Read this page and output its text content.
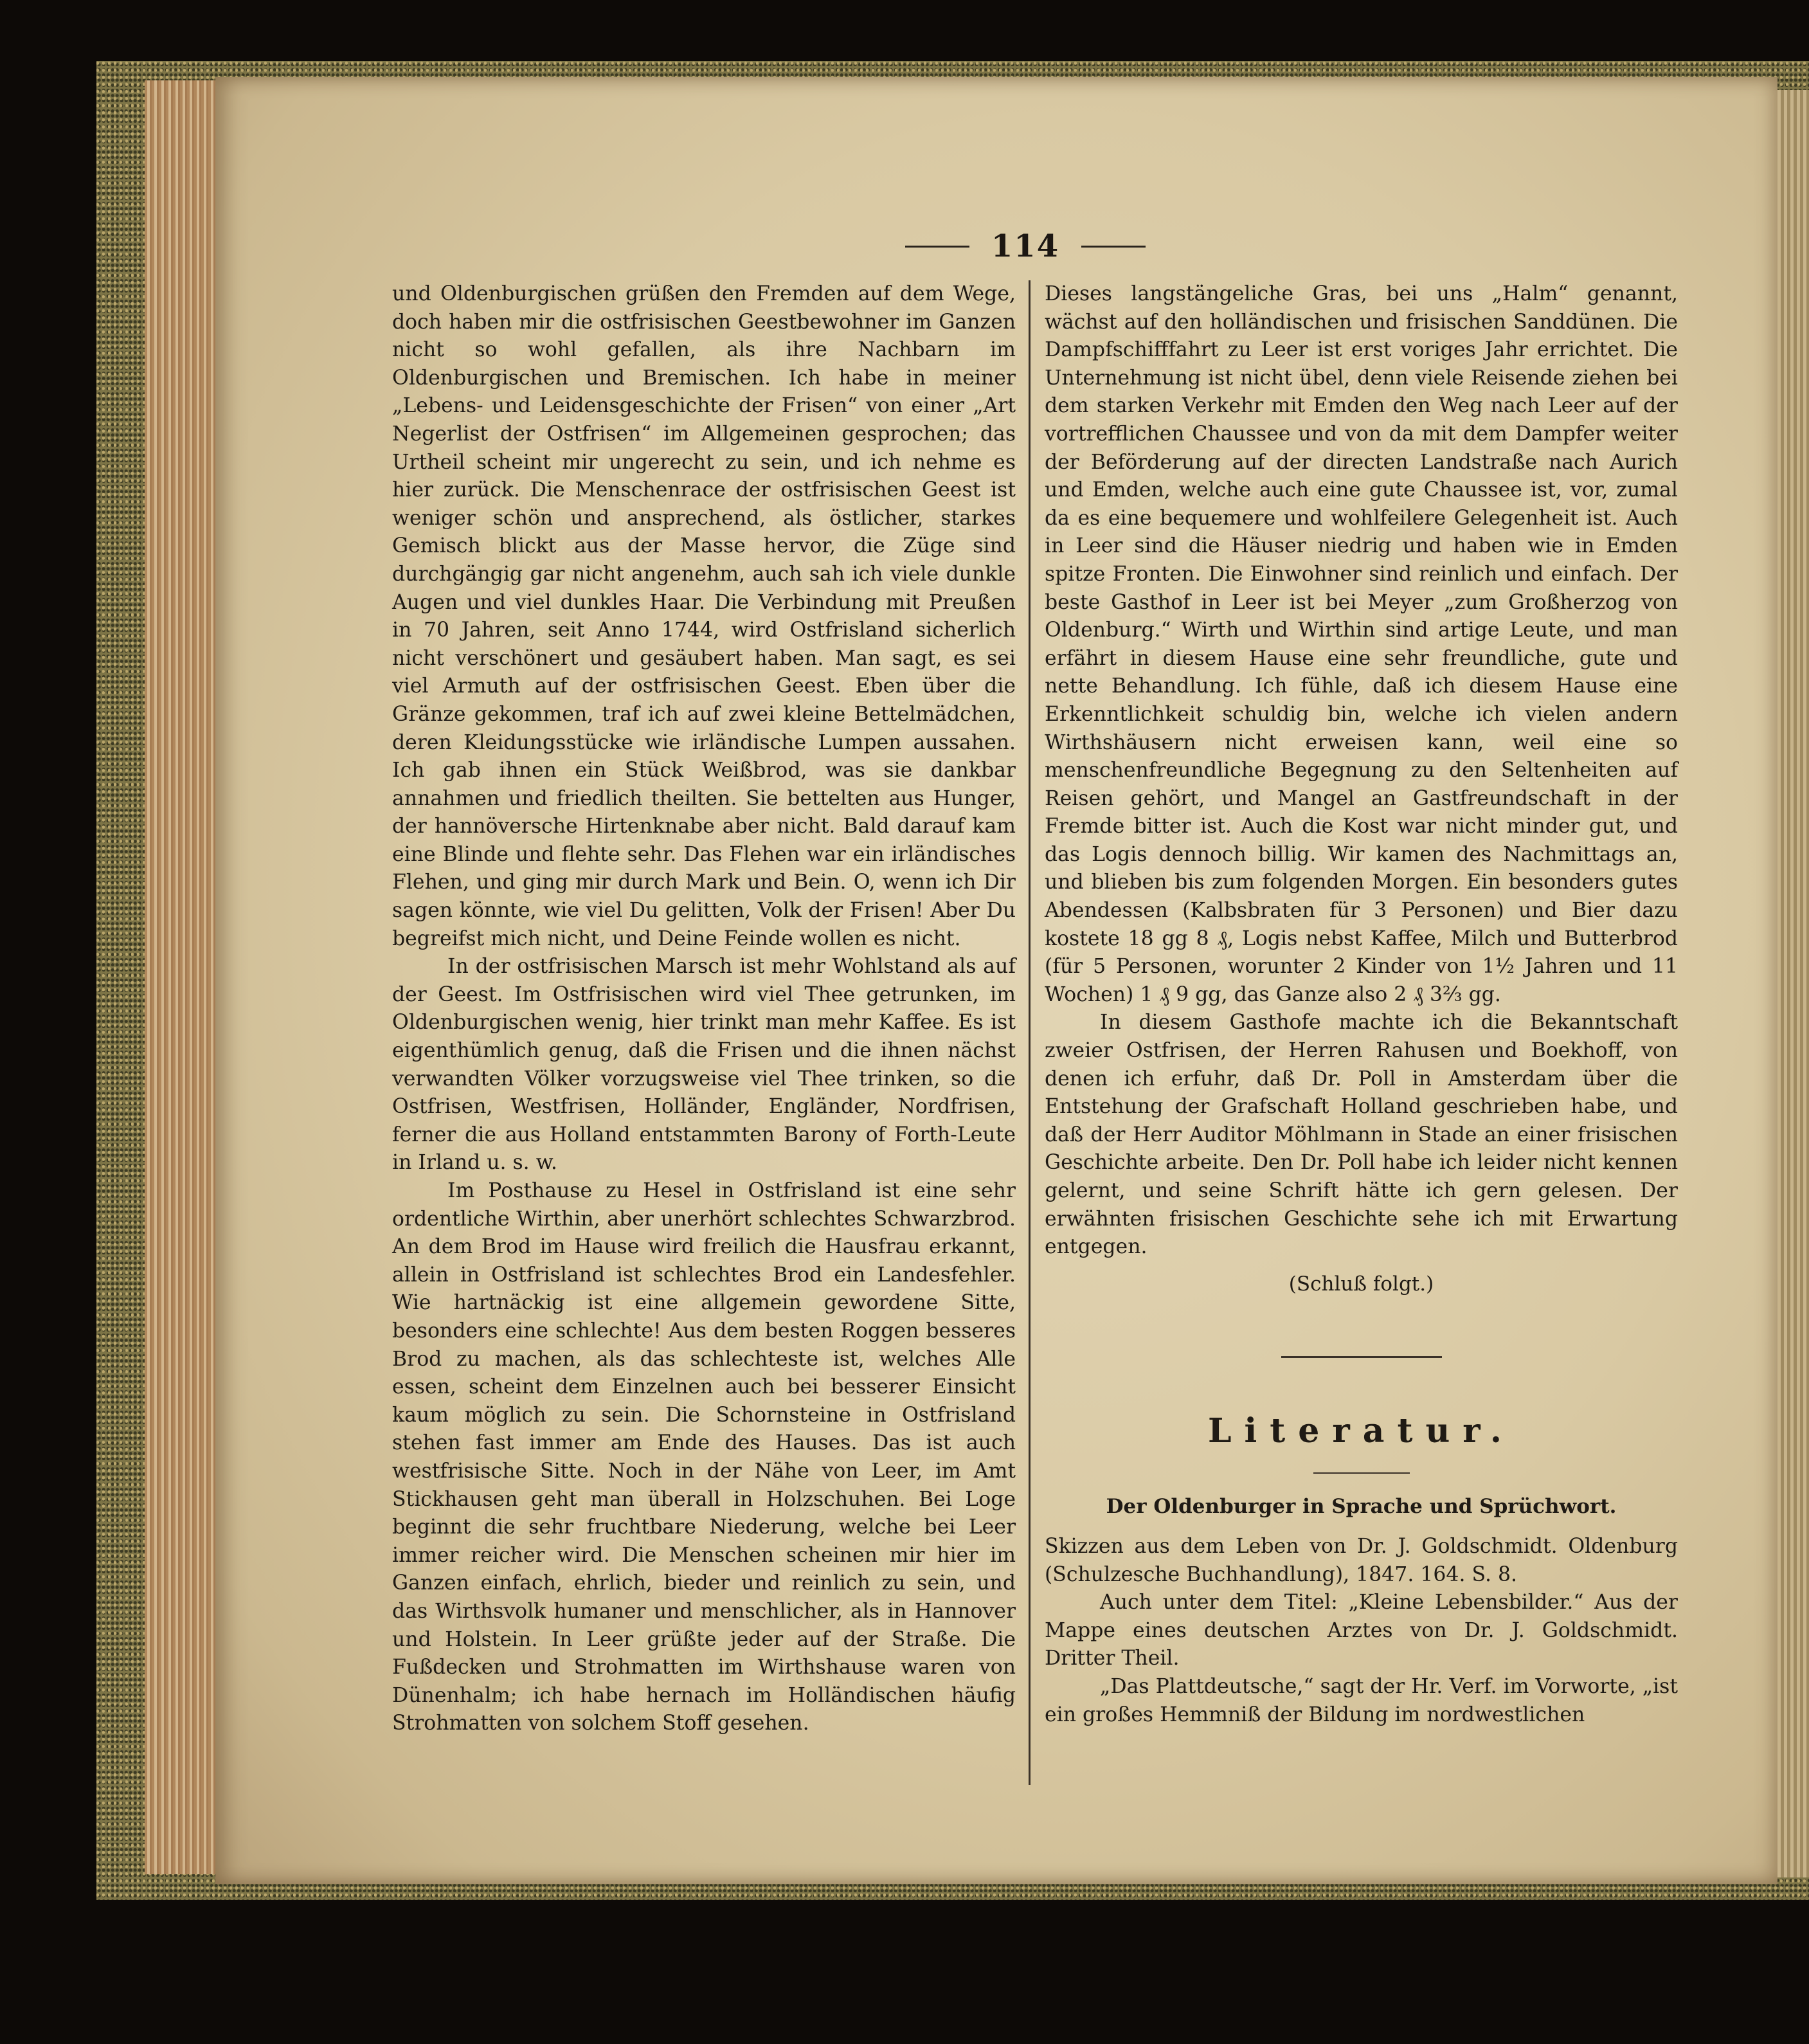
114

und Oldenburgischen grüßen den Fremden auf dem Wege, doch haben mir die ostfrisischen Geestbewohner im Ganzen nicht so wohl gefallen, als ihre Nachbarn im Oldenburgischen und Bremischen. Ich habe in meiner „Lebens- und Leidensgeschichte der Frisen“ von einer „Art Negerlist der Ostfrisen“ im Allgemeinen gesprochen; das Urtheil scheint mir ungerecht zu sein, und ich nehme es hier zurück. Die Menschenrace der ostfrisischen Geest ist weniger schön und ansprechend, als östlicher, starkes Gemisch blickt aus der Masse hervor, die Züge sind durchgängig gar nicht angenehm, auch sah ich viele dunkle Augen und viel dunkles Haar. Die Verbindung mit Preußen in 70 Jahren, seit Anno 1744, wird Ostfrisland sicherlich nicht verschönert und gesäubert haben. Man sagt, es sei viel Armuth auf der ostfrisischen Geest. Eben über die Gränze gekommen, traf ich auf zwei kleine Bettelmädchen, deren Kleidungsstücke wie irländische Lumpen aussahen. Ich gab ihnen ein Stück Weißbrod, was sie dankbar annahmen und friedlich theilten. Sie bettelten aus Hunger, der hannöversche Hirtenknabe aber nicht. Bald darauf kam eine Blinde und flehte sehr. Das Flehen war ein irländisches Flehen, und ging mir durch Mark und Bein. O, wenn ich Dir sagen könnte, wie viel Du gelitten, Volk der Frisen! Aber Du begreifst mich nicht, und Deine Feinde wollen es nicht.

In der ostfrisischen Marsch ist mehr Wohlstand als auf der Geest. Im Ostfrisischen wird viel Thee getrunken, im Oldenburgischen wenig, hier trinkt man mehr Kaffee. Es ist eigenthümlich genug, daß die Frisen und die ihnen nächst verwandten Völker vorzugsweise viel Thee trinken, so die Ostfrisen, Westfrisen, Holländer, Engländer, Nordfrisen, ferner die aus Holland entstammten Barony of Forth-Leute in Irland u. s. w.

Im Posthause zu Hesel in Ostfrisland ist eine sehr ordentliche Wirthin, aber unerhört schlechtes Schwarzbrod. An dem Brod im Hause wird freilich die Hausfrau erkannt, allein in Ostfrisland ist schlechtes Brod ein Landesfehler. Wie hartnäckig ist eine allgemein gewordene Sitte, besonders eine schlechte! Aus dem besten Roggen besseres Brod zu machen, als das schlechteste ist, welches Alle essen, scheint dem Einzelnen auch bei besserer Einsicht kaum möglich zu sein. Die Schornsteine in Ostfrisland stehen fast immer am Ende des Hauses. Das ist auch westfrisische Sitte. Noch in der Nähe von Leer, im Amt Stickhausen geht man überall in Holzschuhen. Bei Loge beginnt die sehr fruchtbare Niederung, welche bei Leer immer reicher wird. Die Menschen scheinen mir hier im Ganzen einfach, ehrlich, bieder und reinlich zu sein, und das Wirthsvolk humaner und menschlicher, als in Hannover und Holstein. In Leer grüßte jeder auf der Straße. Die Fußdecken und Strohmatten im Wirthshause waren von Dünenhalm; ich habe hernach im Holländischen häufig Strohmatten von solchem Stoff gesehen.

Dieses langstängeliche Gras, bei uns „Halm“ genannt, wächst auf den holländischen und frisischen Sanddünen. Die Dampfschifffahrt zu Leer ist erst voriges Jahr errichtet. Die Unternehmung ist nicht übel, denn viele Reisende ziehen bei dem starken Verkehr mit Emden den Weg nach Leer auf der vortrefflichen Chaussee und von da mit dem Dampfer weiter der Beförderung auf der directen Landstraße nach Aurich und Emden, welche auch eine gute Chaussee ist, vor, zumal da es eine bequemere und wohlfeilere Gelegenheit ist. Auch in Leer sind die Häuser niedrig und haben wie in Emden spitze Fronten. Die Einwohner sind reinlich und einfach. Der beste Gasthof in Leer ist bei Meyer „zum Großherzog von Oldenburg.“ Wirth und Wirthin sind artige Leute, und man erfährt in diesem Hause eine sehr freundliche, gute und nette Behandlung. Ich fühle, daß ich diesem Hause eine Erkenntlichkeit schuldig bin, welche ich vielen andern Wirthshäusern nicht erweisen kann, weil eine so menschenfreundliche Begegnung zu den Seltenheiten auf Reisen gehört, und Mangel an Gastfreundschaft in der Fremde bitter ist. Auch die Kost war nicht minder gut, und das Logis dennoch billig. Wir kamen des Nachmittags an, und blieben bis zum folgenden Morgen. Ein besonders gutes Abendessen (Kalbsbraten für 3 Personen) und Bier dazu kostete 18 gg 8 ₰, Logis nebst Kaffee, Milch und Butterbrod (für 5 Personen, worunter 2 Kinder von 1½ Jahren und 11 Wochen) 1 ₰ 9 gg, das Ganze also 2 ₰ 3⅔ gg.

In diesem Gasthofe machte ich die Bekanntschaft zweier Ostfrisen, der Herren Rahusen und Boekhoff, von denen ich erfuhr, daß Dr. Poll in Amsterdam über die Entstehung der Grafschaft Holland geschrieben habe, und daß der Herr Auditor Möhlmann in Stade an einer frisischen Geschichte arbeite. Den Dr. Poll habe ich leider nicht kennen gelernt, und seine Schrift hätte ich gern gelesen. Der erwähnten frisischen Geschichte sehe ich mit Erwartung entgegen.

(Schluß folgt.)
Literatur.
Der Oldenburger in Sprache und Sprüchwort.

Skizzen aus dem Leben von Dr. J. Goldschmidt. Oldenburg (Schulzesche Buchhandlung), 1847. 164. S. 8.

Auch unter dem Titel: „Kleine Lebensbilder.“ Aus der Mappe eines deutschen Arztes von Dr. J. Goldschmidt. Dritter Theil.

„Das Plattdeutsche,“ sagt der Hr. Verf. im Vorworte, „ist ein großes Hemmniß der Bildung im nordwestlichen
